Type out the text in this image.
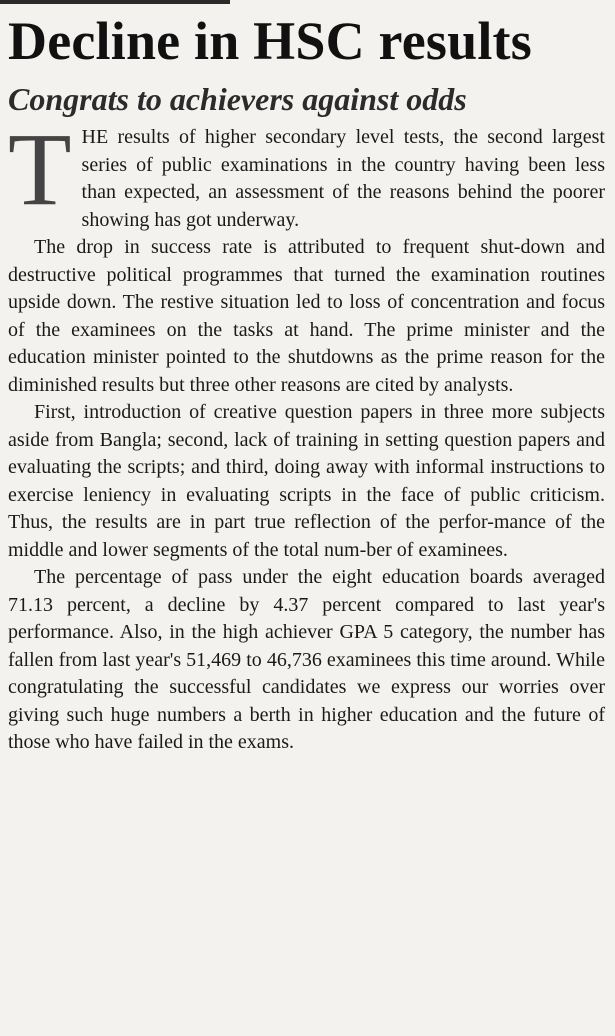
Decline in HSC results
Congrats to achievers against odds

THE results of higher secondary level tests, the second largest series of public examinations in the country having been less than expected, an assessment of the reasons behind the poorer showing has got underway.

The drop in success rate is attributed to frequent shut-down and destructive political programmes that turned the examination routines upside down. The restive situation led to loss of concentration and focus of the examinees on the tasks at hand. The prime minister and the education minister pointed to the shutdowns as the prime reason for the diminished results but three other reasons are cited by analysts.

First, introduction of creative question papers in three more subjects aside from Bangla; second, lack of training in setting question papers and evaluating the scripts; and third, doing away with informal instructions to exercise leniency in evaluating scripts in the face of public criticism. Thus, the results are in part true reflection of the perfor-mance of the middle and lower segments of the total num-ber of examinees.

The percentage of pass under the eight education boards averaged 71.13 percent, a decline by 4.37 percent compared to last year's performance. Also, in the high achiever GPA 5 category, the number has fallen from last year's 51,469 to 46,736 examinees this time around. While congratulating the successful candidates we express our worries over giving such huge numbers a berth in higher education and the future of those who have failed in the exams.
